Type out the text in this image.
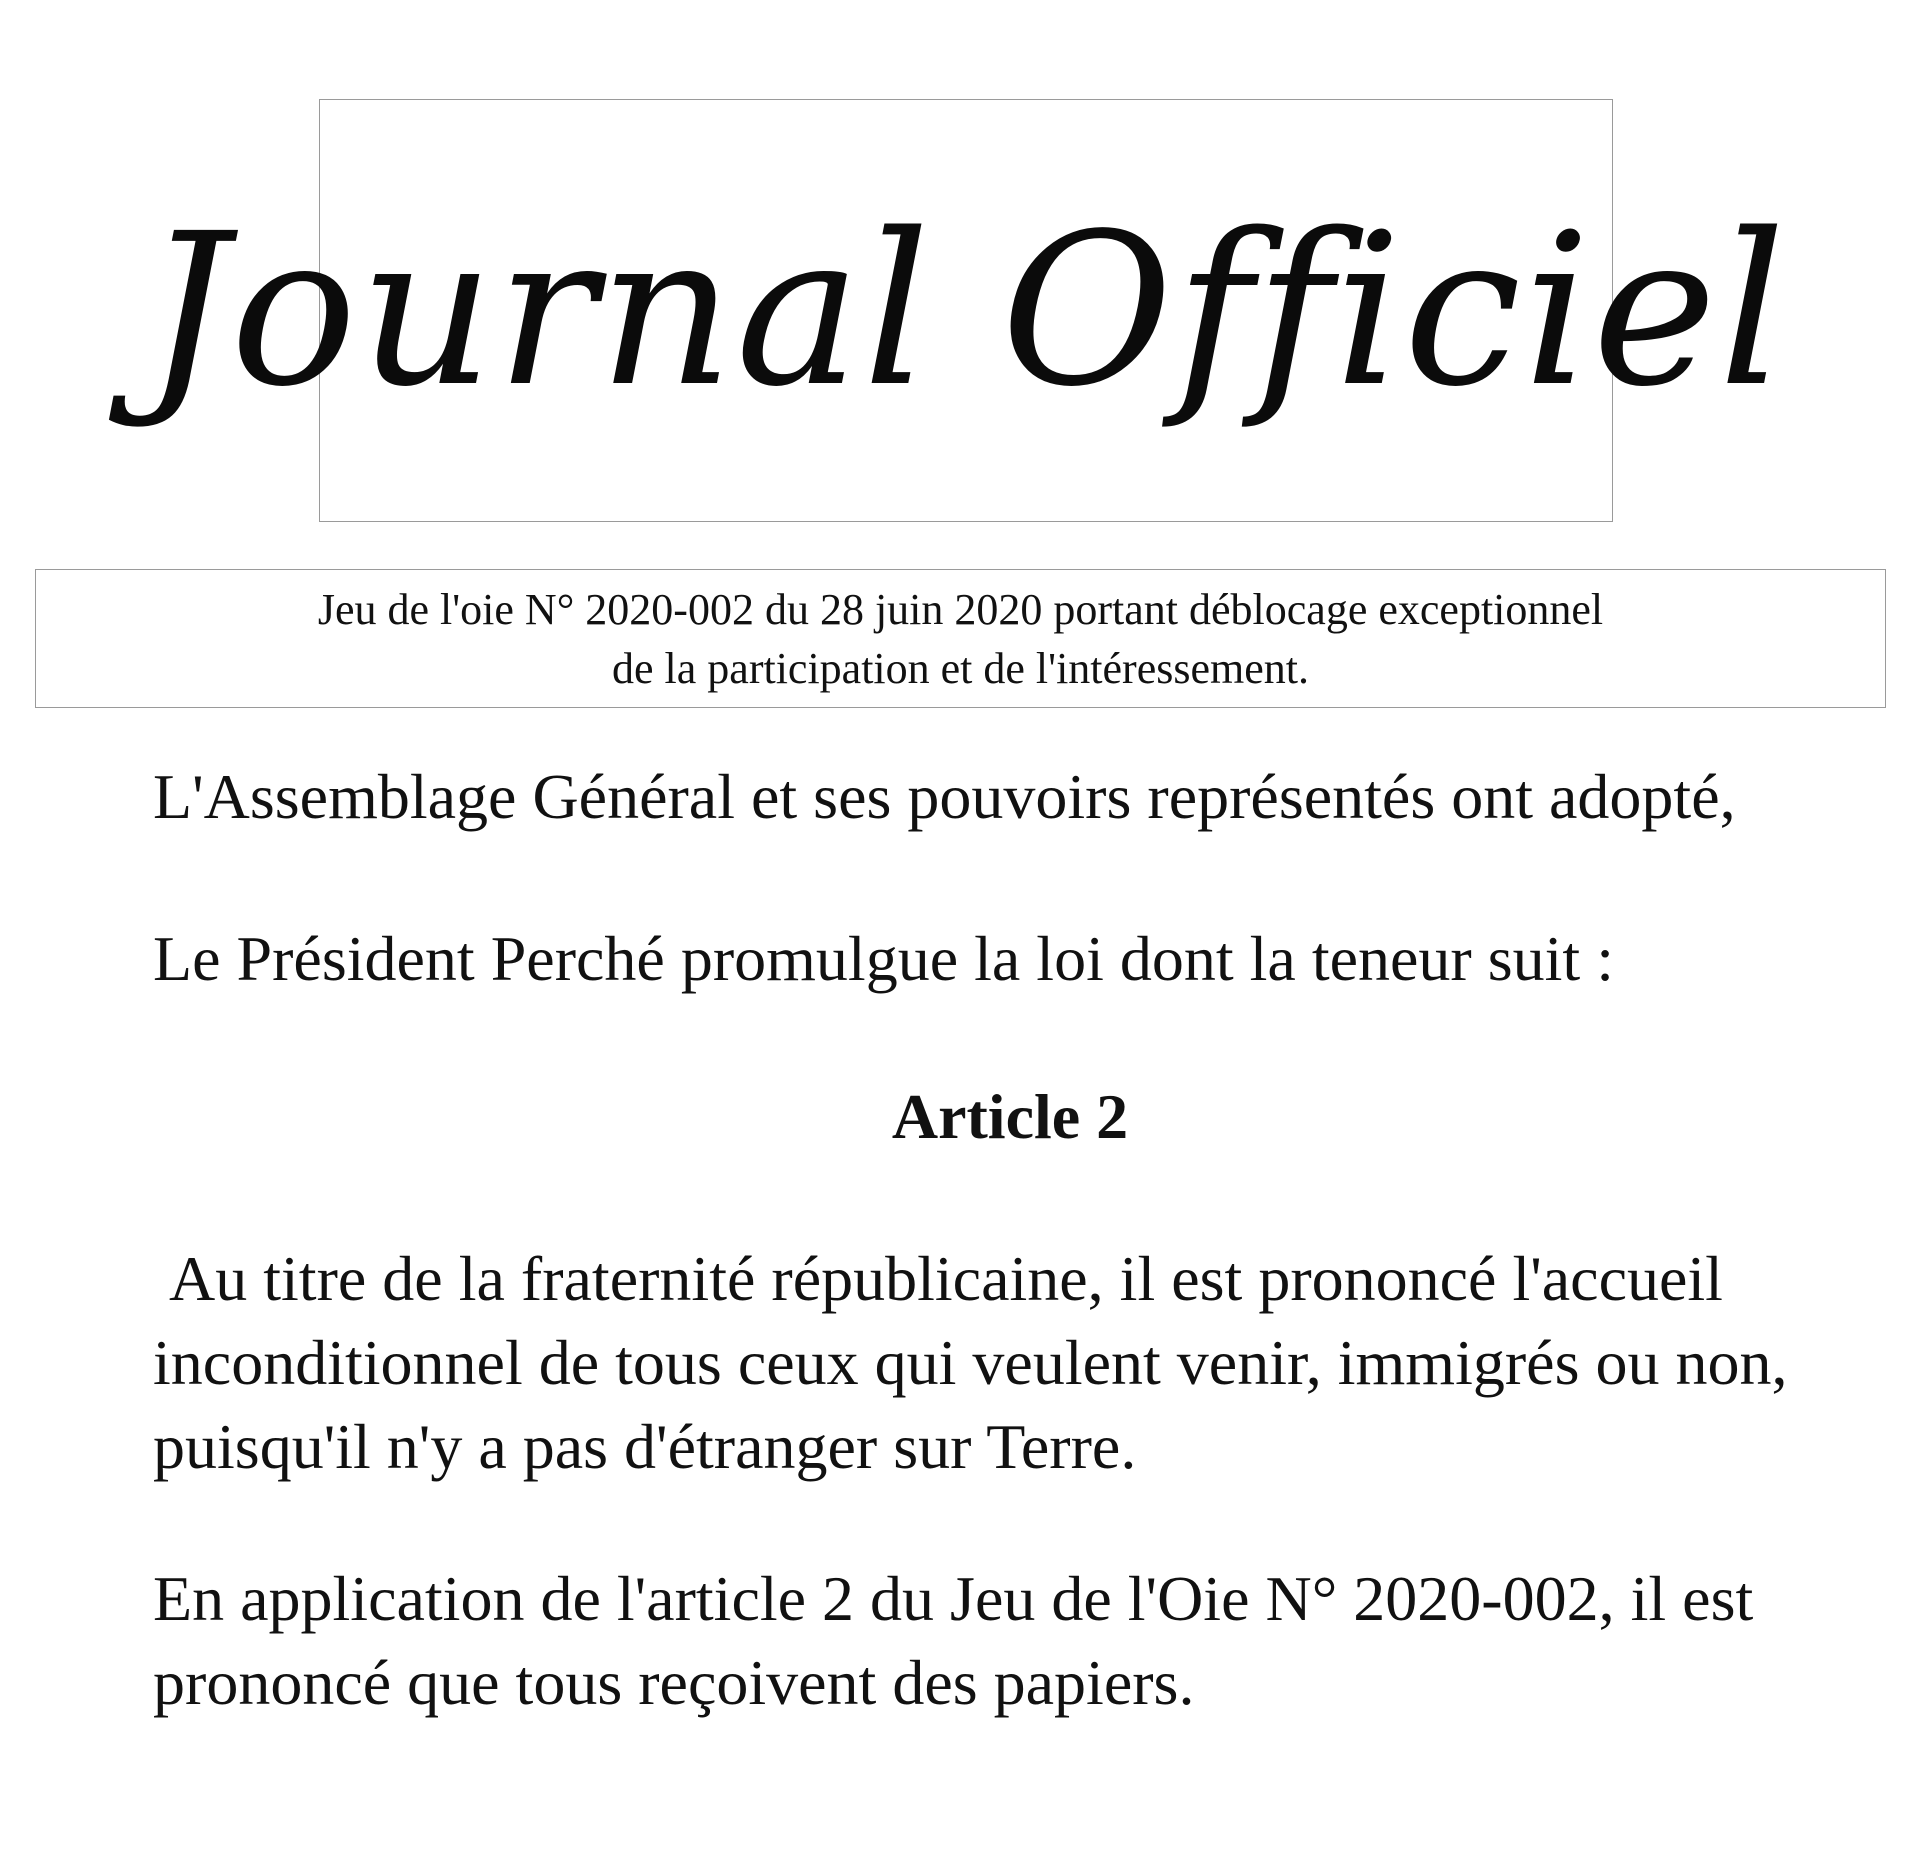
Journal Officiel
Jeu de l'oie N° 2020-002 du 28 juin 2020 portant déblocage exceptionnel
de la participation et de l'intéressement.

L'Assemblage Général et ses pouvoirs représentés ont adopté,

Le Président Perché promulgue la loi dont la teneur suit :

Article 2

Au titre de la fraternité républicaine, il est prononcé l'accueil inconditionnel de tous ceux qui veulent venir, immigrés ou non, puisqu'il n'y a pas d'étranger sur Terre.

En application de l'article 2 du Jeu de l'Oie N° 2020-002, il est prononcé que tous reçoivent des papiers.
